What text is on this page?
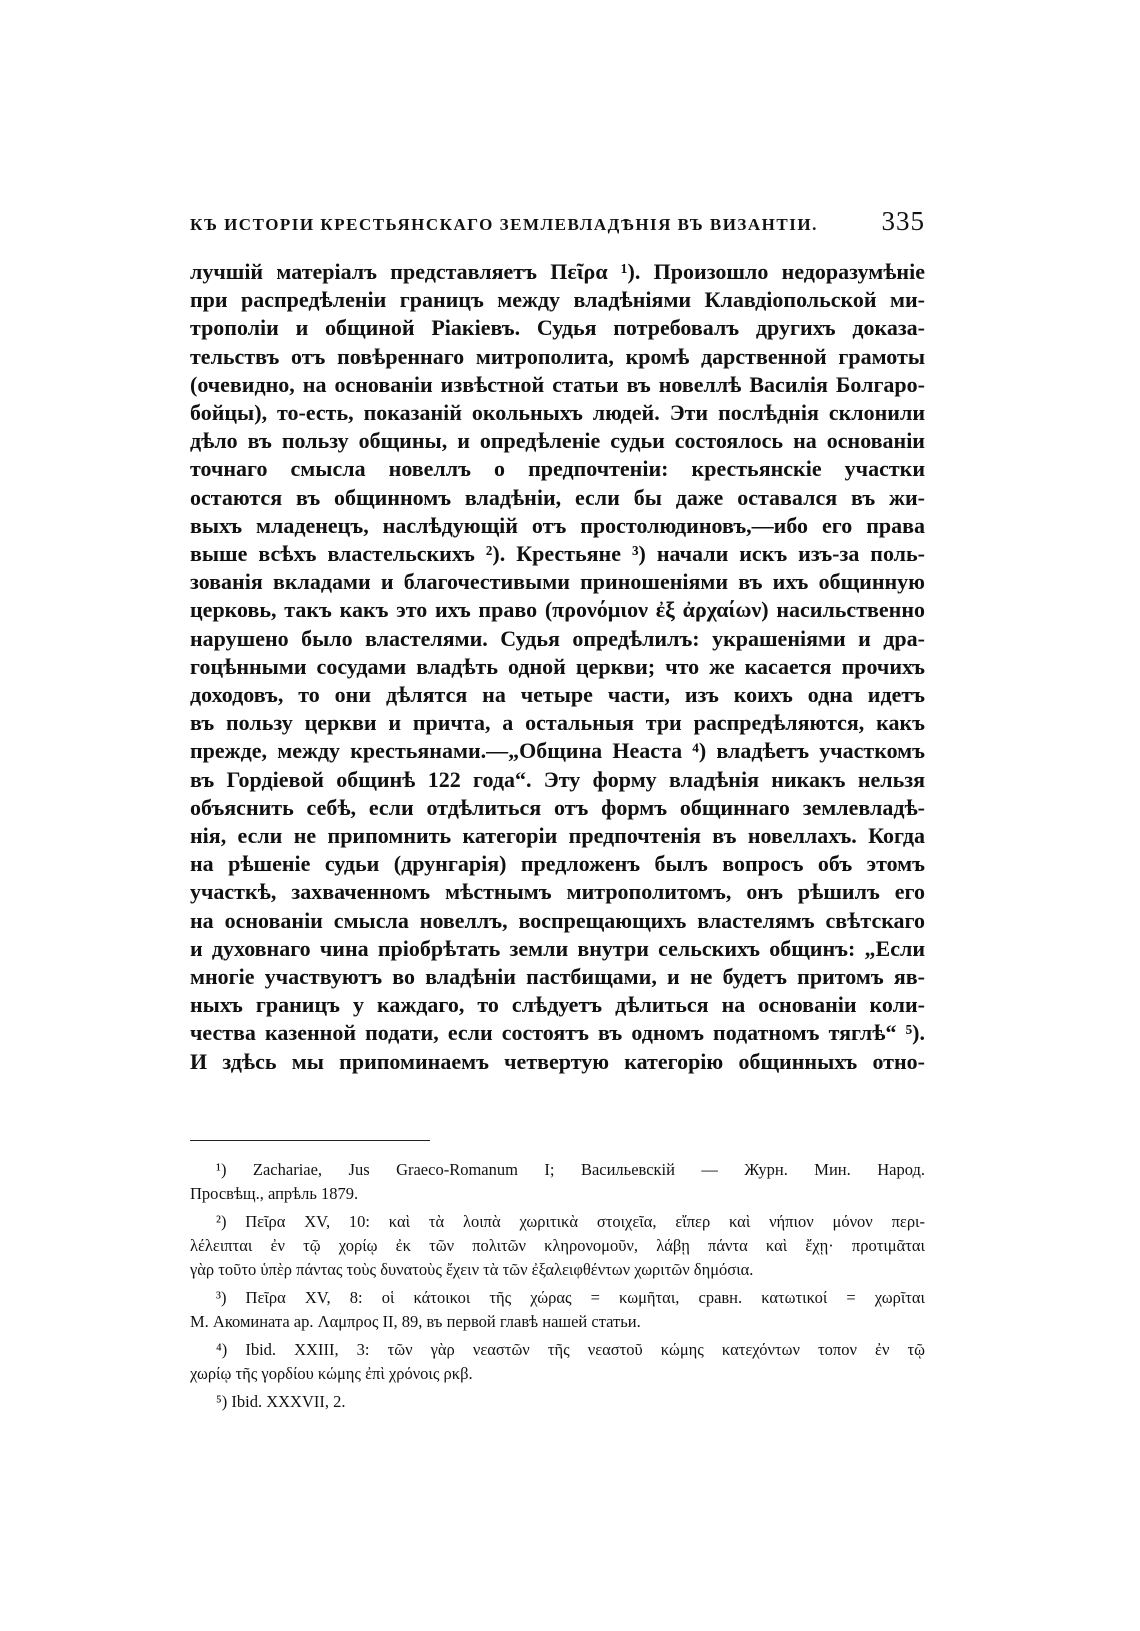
КЪ ИСТОРІИ КРЕСТЬЯНСКАГО ЗЕМЛЕВЛАДѢНІЯ ВЪ ВИЗАНТІИ. 335
лучшій матеріалъ представляетъ Πεῖρα ¹). Произошло недоразумѣніе
при распредѣленіи границъ между владѣніями Клавдіопольской ми-
трополіи и общиной Ріакіевъ. Судья потребовалъ другихъ доказа-
тельствъ отъ повѣреннаго митрополита, кромѣ дарственной грамоты
(очевидно, на основаніи извѣстной статьи въ новеллѣ Василія Болгаро-
бойцы), то-есть, показаній окольныхъ людей. Эти послѣднія склонили
дѣло въ пользу общины, и опредѣленіе судьи состоялось на основаніи
точнаго смысла новеллъ о предпочтеніи: крестьянскіе участки
остаются въ общинномъ владѣніи, если бы даже оставался въ жи-
выхъ младенецъ, наслѣдующій отъ простолюдиновъ,—ибо его права
выше всѣхъ властельскихъ ²). Крестьяне ³) начали искъ изъ-за поль-
зованія вкладами и благочестивыми приношеніями въ ихъ общинную
церковь, такъ какъ это ихъ право (προνόμιον ἐξ ἀρχαίων) насильственно
нарушено было властелями. Судья опредѣлилъ: украшеніями и дра-
гоцѣнными сосудами владѣть одной церкви; что же касается прочихъ
доходовъ, то они дѣлятся на четыре части, изъ коихъ одна идетъ
въ пользу церкви и причта, а остальныя три распредѣляются, какъ
прежде, между крестьянами.—„Община Неаста ⁴) владѣетъ участкомъ
въ Гордіевой общинѣ 122 года“. Эту форму владѣнія никакъ нельзя
объяснить себѣ, если отдѣлиться отъ формъ общиннаго землевладѣ-
нія, если не припомнить категоріи предпочтенія въ новеллахъ. Когда
на рѣшеніе судьи (друнгарія) предложенъ былъ вопросъ объ этомъ
участкѣ, захваченномъ мѣстнымъ митрополитомъ, онъ рѣшилъ его
на основаніи смысла новеллъ, воспрещающихъ властелямъ свѣтскаго
и духовнаго чина пріобрѣтать земли внутри сельскихъ общинъ: „Если
многіе участвуютъ во владѣніи пастбищами, и не будетъ притомъ яв-
ныхъ границъ у каждаго, то слѣдуетъ дѣлиться на основаніи коли-
чества казенной подати, если состоятъ въ одномъ податномъ тяглѣ“ ⁵).
И здѣсь мы припоминаемъ четвертую категорію общинныхъ отно-
¹) Zachariae, Jus Graeco-Romanum I; Васильевскій — Журн. Мин. Народ.
Просвѣщ., апрѣль 1879.
²) Πεῖρα XV, 10: καὶ τὰ λοιπὰ χωριτικὰ στοιχεῖα, εἴπερ καὶ νήπιον μόνον περι-
λέλειπται ἐν τῷ χορίῳ ἐκ τῶν πολιτῶν κληρονομοῦν, λάβῃ πάντα καὶ ἔχῃ· προτιμᾶται
γὰρ τοῦτο ὑπὲρ πάντας τοὺς δυνατοὺς ἔχειν τὰ τῶν ἐξαλειφθέντων χωριτῶν δημόσια.
³) Πεῖρα XV, 8: οἱ κάτοικοι τῆς χώρας = κωμῆται, сравн. κατωτικοί = χωρῖται
М. Акомината ар. Λαμπρος II, 89, въ первой главѣ нашей статьи.
⁴) Ibid. XXIII, 3: τῶν γὰρ νεαστῶν τῆς νεαστοῦ κώμης κατεχόντων τοπον ἐν τῷ
χωρίῳ τῆς γορδίου κώμης ἐπὶ χρόνοις ρκβ.
⁵) Ibid. XXXVII, 2.
